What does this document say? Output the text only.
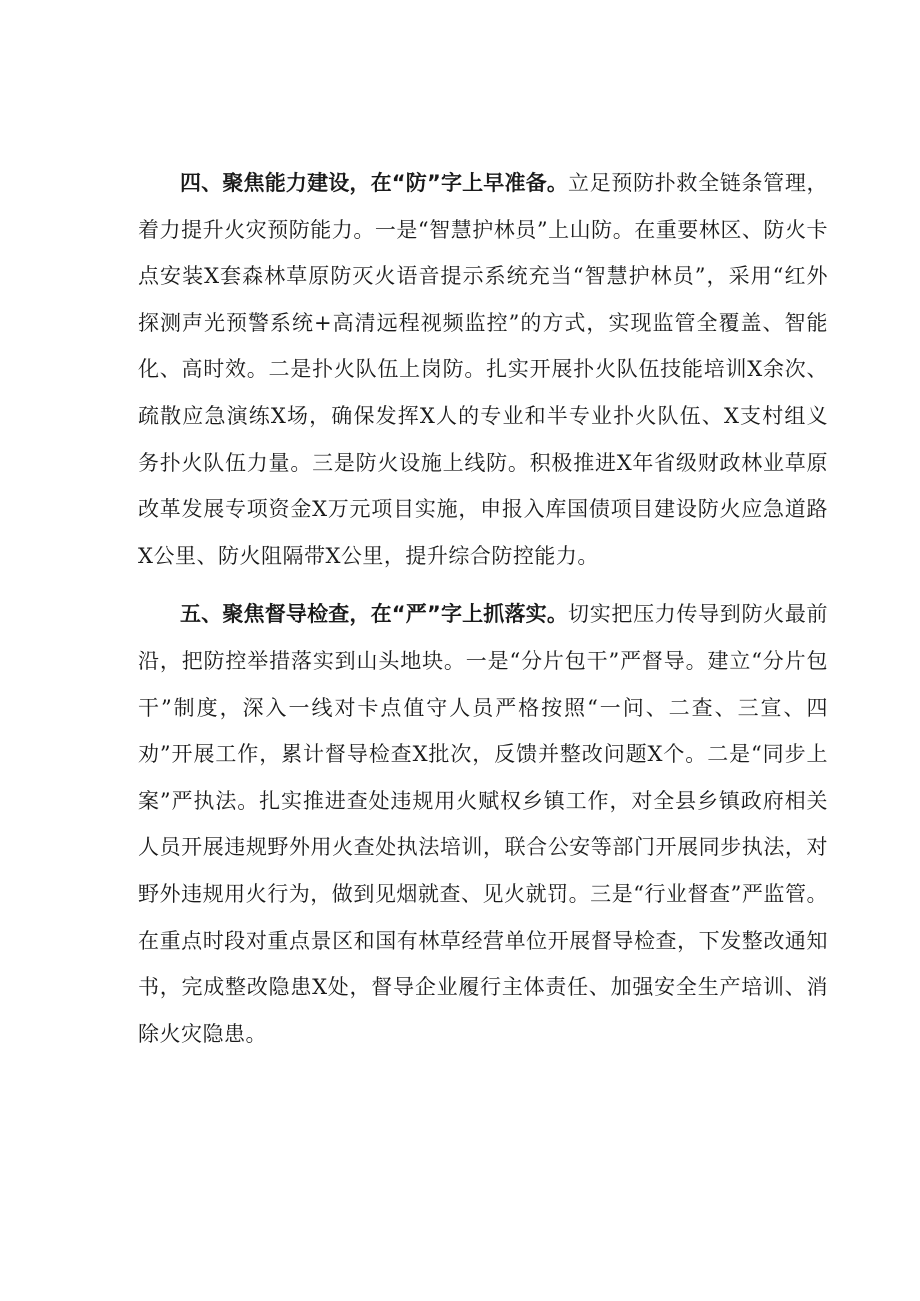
四、聚焦能力建设，在“防”字上早准备。立足预防扑救全链条管理，着力提升火灾预防能力。一是“智慧护林员”上山防。在重要林区、防火卡点安装X套森林草原防灭火语音提示系统充当“智慧护林员”，采用“红外探测声光预警系统+高清远程视频监控”的方式，实现监管全覆盖、智能化、高时效。二是扑火队伍上岗防。扎实开展扑火队伍技能培训X余次、疏散应急演练X场，确保发挥X人的专业和半专业扑火队伍、X支村组义务扑火队伍力量。三是防火设施上线防。积极推进X年省级财政林业草原改革发展专项资金X万元项目实施，申报入库国债项目建设防火应急道路X公里、防火阻隔带X公里，提升综合防控能力。

五、聚焦督导检查，在“严”字上抓落实。切实把压力传导到防火最前沿，把防控举措落实到山头地块。一是“分片包干”严督导。建立“分片包干”制度，深入一线对卡点值守人员严格按照“一问、二查、三宣、四劝”开展工作，累计督导检查X批次，反馈并整改问题X个。二是“同步上案”严执法。扎实推进查处违规用火赋权乡镇工作，对全县乡镇政府相关人员开展违规野外用火查处执法培训，联合公安等部门开展同步执法，对野外违规用火行为，做到见烟就查、见火就罚。三是“行业督查”严监管。在重点时段对重点景区和国有林草经营单位开展督导检查，下发整改通知书，完成整改隐患X处，督导企业履行主体责任、加强安全生产培训、消除火灾隐患。
